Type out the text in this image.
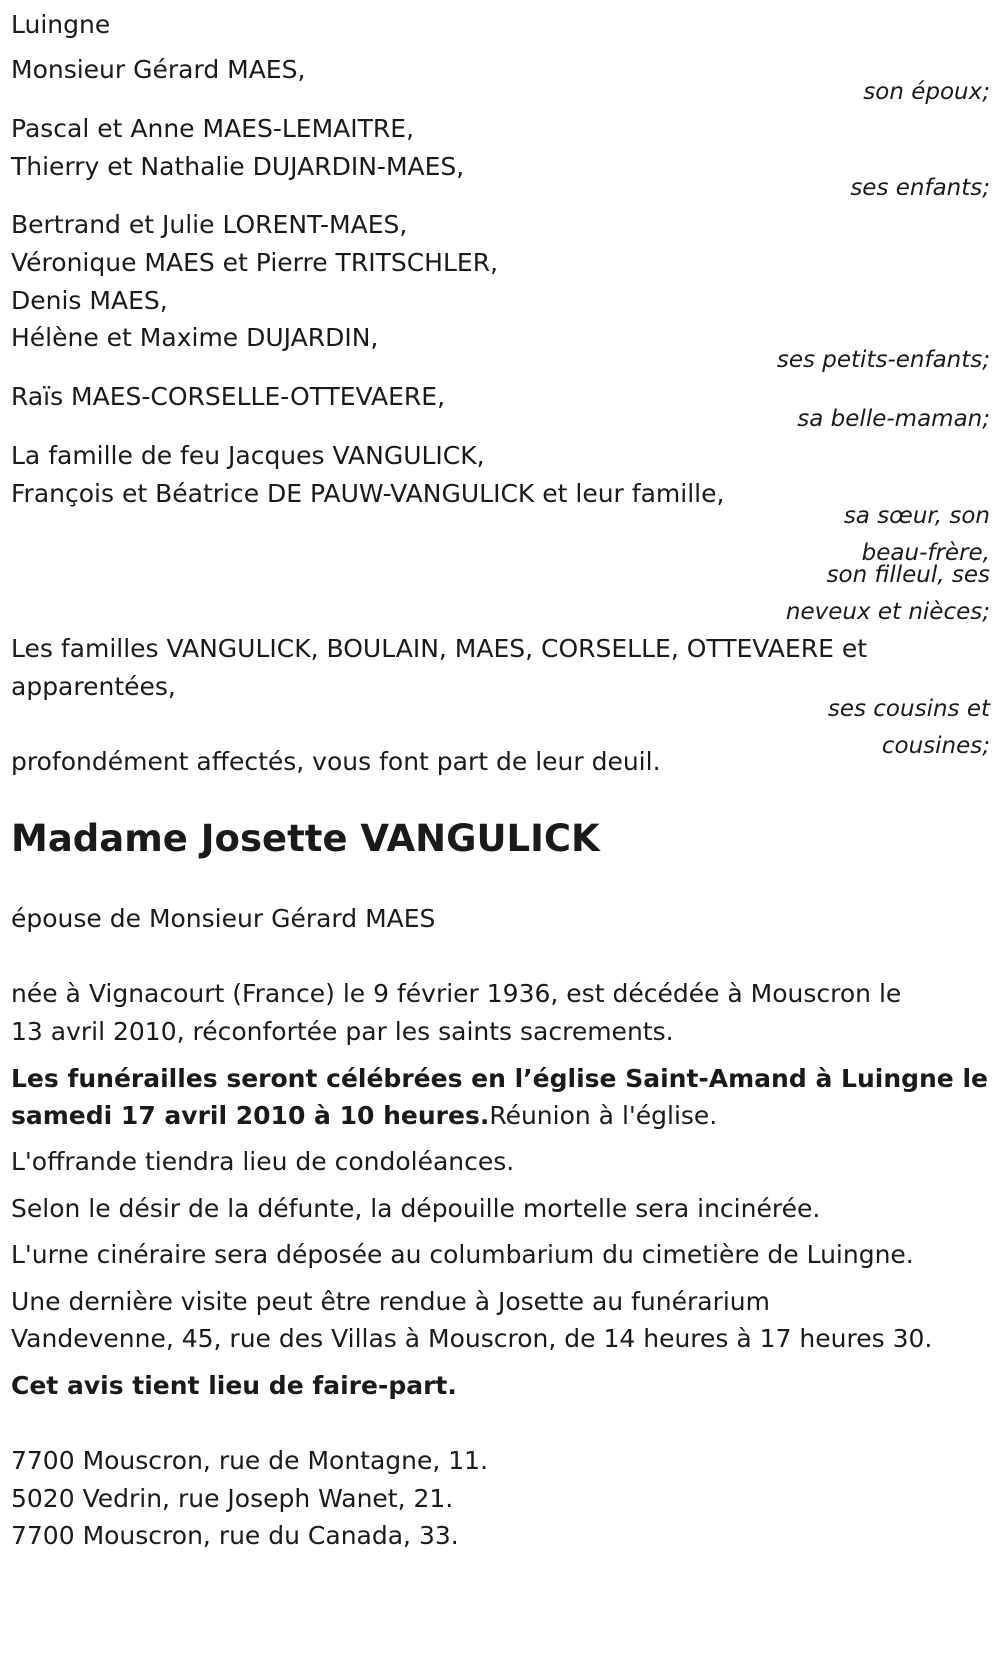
Luingne

Monsieur Gérard MAES,

son époux;

Pascal et Anne MAES-LEMAITRE,

Thierry et Nathalie DUJARDIN-MAES,

ses enfants;

Bertrand et Julie LORENT-MAES,

Véronique MAES et Pierre TRITSCHLER,

Denis MAES,

Hélène et Maxime DUJARDIN,

ses petits-enfants;

Raïs MAES-CORSELLE-OTTEVAERE,

sa belle-maman;

La famille de feu Jacques VANGULICK,

François et Béatrice DE PAUW-VANGULICK et leur famille,

sa sœur, son

beau-frère,

son filleul, ses

neveux et nièces;

Les familles VANGULICK, BOULAIN, MAES, CORSELLE, OTTEVAERE et

apparentées,

ses cousins et

cousines;

profondément affectés, vous font part de leur deuil.

Madame Josette VANGULICK

épouse de Monsieur Gérard MAES

née à Vignacourt (France) le 9 février 1936, est décédée à Mouscron le

13 avril 2010, réconfortée par les saints sacrements.

Les funérailles seront célébrées en l’église Saint-Amand à Luingne le

samedi 17 avril 2010 à 10 heures.Réunion à l'église.

L'offrande tiendra lieu de condoléances.

Selon le désir de la défunte, la dépouille mortelle sera incinérée.

L'urne cinéraire sera déposée au columbarium du cimetière de Luingne.

Une dernière visite peut être rendue à Josette au funérarium

Vandevenne, 45, rue des Villas à Mouscron, de 14 heures à 17 heures 30.

Cet avis tient lieu de faire-part.

7700 Mouscron, rue de Montagne, 11.

5020 Vedrin, rue Joseph Wanet, 21.

7700 Mouscron, rue du Canada, 33.
